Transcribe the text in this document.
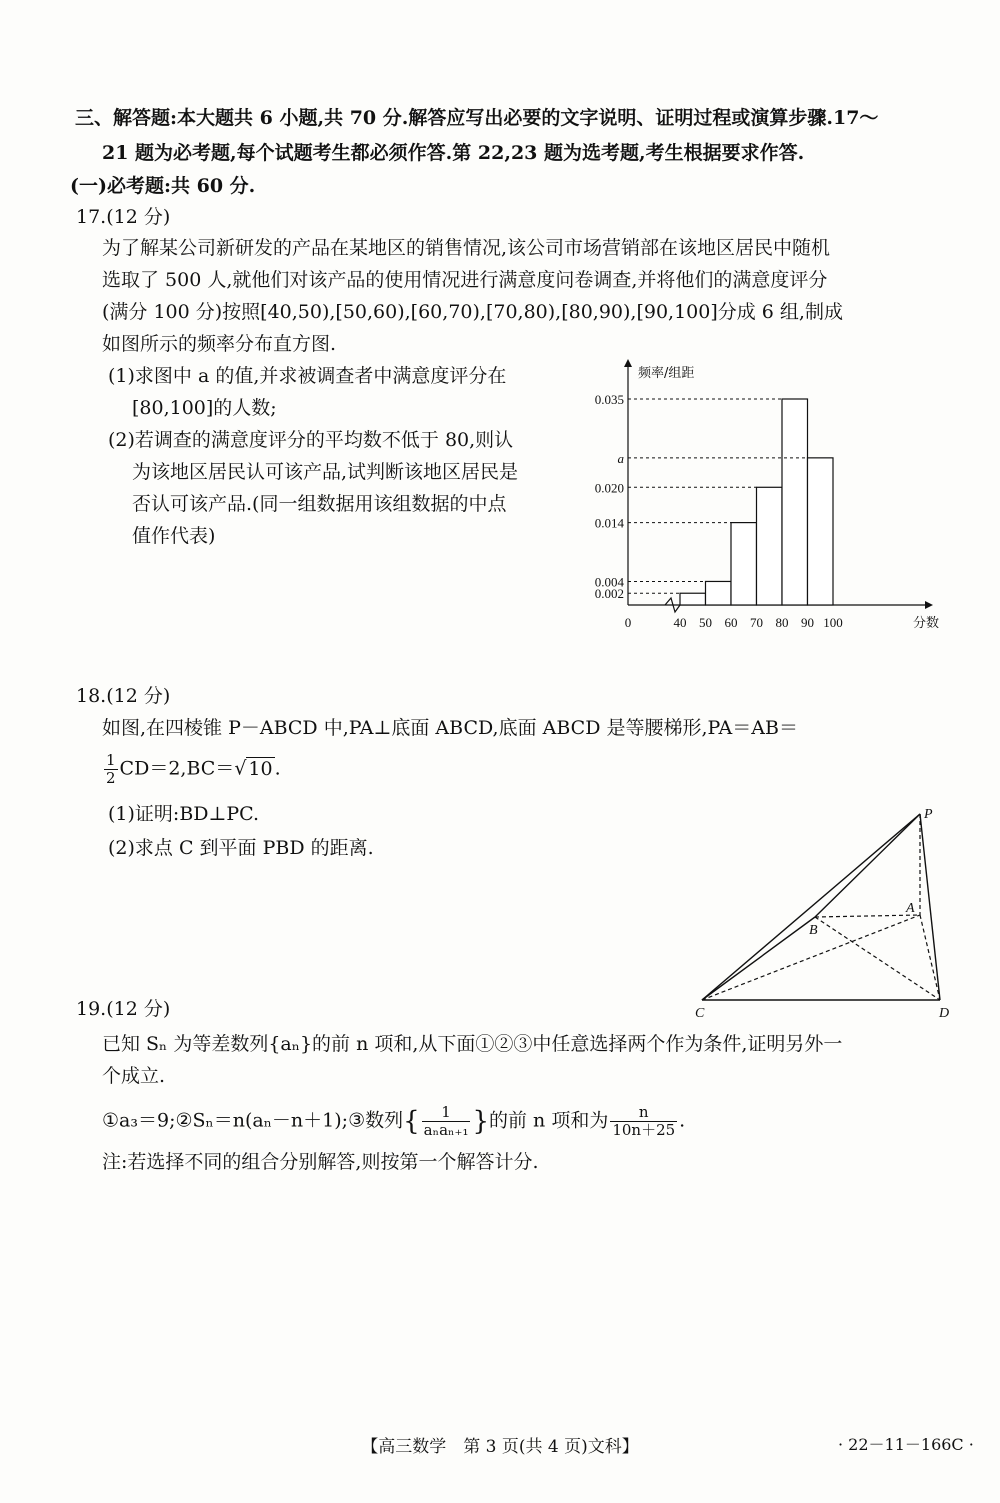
三、解答题:本大题共 6 小题,共 70 分.解答应写出必要的文字说明、证明过程或演算步骤.17～
21 题为必考题,每个试题考生都必须作答.第 22,23 题为选考题,考生根据要求作答.
(一)必考题:共 60 分.
17.(12 分)
为了解某公司新研发的产品在某地区的销售情况,该公司市场营销部在该地区居民中随机
选取了 500 人,就他们对该产品的使用情况进行满意度问卷调查,并将他们的满意度评分
(满分 100 分)按照[40,50),[50,60),[60,70),[70,80),[80,90),[90,100]分成 6 组,制成
如图所示的频率分布直方图.
(1)求图中 a 的值,并求被调查者中满意度评分在
[80,100]的人数;
(2)若调查的满意度评分的平均数不低于 80,则认
为该地区居民认可该产品,试判断该地区居民是
否认可该产品.(同一组数据用该组数据的中点
值作代表)
频率/组距
分数
0.035
a
0.020
0.014
0.004
0.002
0	40 50 60 70 80 90 100
18.(12 分)
如图,在四棱锥 P－ABCD 中,PA⊥底面 ABCD,底面 ABCD 是等腰梯形,PA＝AB＝
$\frac{1}{2} CD=2,BC=√$ 10 .
(1)证明:BD⊥PC.
(2)求点 C 到平面 PBD 的距离.
P
A
B
C	D
19.(12 分)
已知 Sₙ 为等差数列{aₙ}的前 n 项和,从下面①②③中任意选择两个作为条件,证明另外一
个成立.
①a₃＝9;②Sₙ＝n(aₙ－n＋1);③数列{ $\frac{1}{\text{aₙaₙ₊₁}}$ }的前 n 项和为 $\frac{n}{10n+25}$ .
注:若选择不同的组合分别解答,则按第一个解答计分.
【高三数学　第 3 页(共 4 页)文科】	· 22－11－166C ·
